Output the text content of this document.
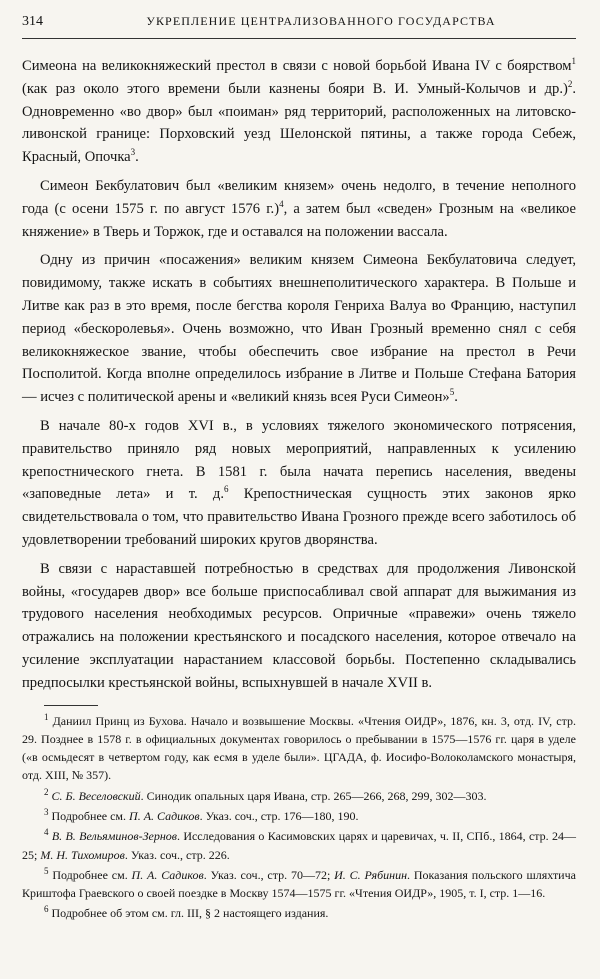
314	УКРЕПЛЕНИЕ ЦЕНТРАЛИЗОВАННОГО ГОСУДАРСТВА

Симеона на великокняжеский престол в связи с новой борьбой Ивана IV с боярством$^1$ (как раз около этого времени были казнены бояри В. И. Умный-Колычов и др.)$^2$. Одновременно «во двор» был «поиман» ряд территорий, расположенных на литовско-ливонской границе: Порховский уезд Шелонской пятины, а также города Себеж, Красный, Опочка$^3$.

Симеон Бекбулатович был «великим князем» очень недолго, в течение неполного года (с осени 1575 г. по август 1576 г.)$^4$, а затем был «сведен» Грозным на «великое княжение» в Тверь и Торжок, где и оставался на положении вассала.

Одну из причин «посажения» великим князем Симеона Бекбулатовича следует, повидимому, также искать в событиях внешнеполитического характера. В Польше и Литве как раз в это время, после бегства короля Генриха Валуа во Францию, наступил период «бескоролевья». Очень возможно, что Иван Грозный временно снял с себя великокняжеское звание, чтобы обеспечить свое избрание на престол в Речи Посполитой. Когда вполне определилось избрание в Литве и Польше Стефана Батория — исчез с политической арены и «великий князь всея Руси Симеон»$^5$.

В начале 80-х годов XVI в., в условиях тяжелого экономического потрясения, правительство приняло ряд новых мероприятий, направленных к усилению крепостнического гнета. В 1581 г. была начата перепись населения, введены «заповедные лета» и т. д.$^6$ Крепостническая сущность этих законов ярко свидетельствовала о том, что правительство Ивана Грозного прежде всего заботилось об удовлетворении требований широких кругов дворянства.

В связи с нараставшей потребностью в средствах для продолжения Ливонской войны, «государев двор» все больше приспосабливал свой аппарат для выжимания из трудового населения необходимых ресурсов. Опричные «правежи» очень тяжело отражались на положении крестьянского и посадского населения, которое отвечало на усиление эксплуатации нарастанием классовой борьбы. Постепенно складывались предпосылки крестьянской войны, вспыхнувшей в начале XVII в.

$^1$ Даниил Принц из Бухова. Начало и возвышение Москвы. «Чтения ОИДР», 1876, кн. 3, отд. IV, стр. 29. Позднее в 1578 г. в официальных документах говорилось о пребывании в 1575—1576 гг. царя в уделе («в осмьдесят в четвертом году, как есмя в уделе были». ЦГАДА, ф. Иосифо-Волоколамского монастыря, отд. XIII, № 357).

$^2$ С. Б. Веселовский. Синодик опальных царя Ивана, стр. 265—266, 268, 299, 302—303.

$^3$ Подробнее см. П. А. Садиков. Указ. соч., стр. 176—180, 190.

$^4$ В. В. Вельяминов-Зернов. Исследования о Касимовских царях и царевичах, ч. II, СПб., 1864, стр. 24—25; М. Н. Тихомиров. Указ. соч., стр. 226.

$^5$ Подробнее см. П. А. Садиков. Указ. соч., стр. 70—72; И. С. Рябинин. Показания польского шляхтича Криштофа Граевского о своей поездке в Москву 1574—1575 гг. «Чтения ОИДР», 1905, т. I, стр. 1—16.

$^6$ Подробнее об этом см. гл. III, § 2 настоящего издания.
